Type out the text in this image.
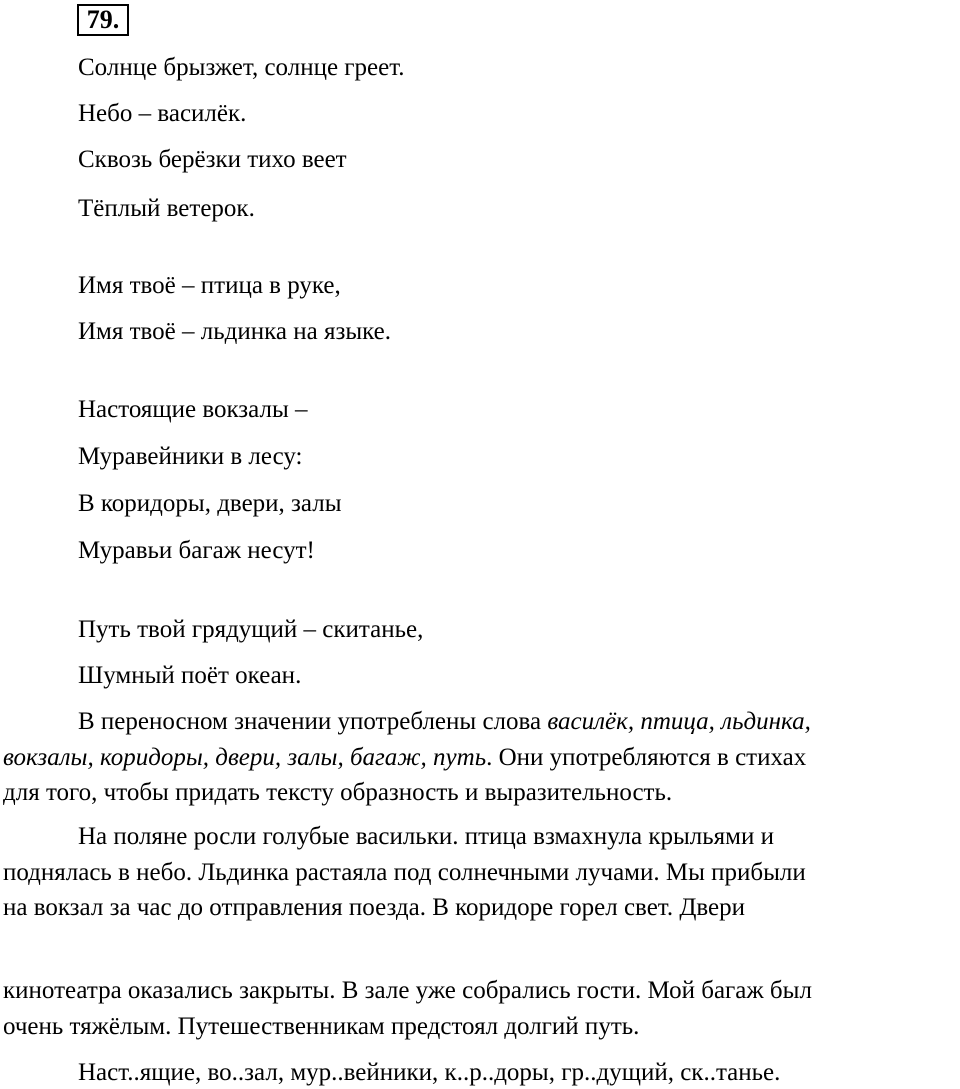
79.
Солнце брызжет, солнце греет.
Небо – василёк.
Сквозь берёзки тихо веет
Тёплый ветерок.
Имя твоё – птица в руке,
Имя твоё – льдинка на языке.
Настоящие вокзалы –
Муравейники в лесу:
В коридоры, двери, залы
Муравьи багаж несут!
Путь твой грядущий – скитанье,
Шумный поёт океан.
В переносном значении употреблены слова василёк, птица, льдинка,
вокзалы, коридоры, двери, залы, багаж, путь. Они употребляются в стихах
для того, чтобы придать тексту образность и выразительность.
На поляне росли голубые васильки. птица взмахнула крыльями и
поднялась в небо. Льдинка растаяла под солнечными лучами. Мы прибыли
на вокзал за час до отправления поезда. В коридоре горел свет. Двери
кинотеатра оказались закрыты. В зале уже собрались гости. Мой багаж был
очень тяжёлым. Путешественникам предстоял долгий путь.
Наст..ящие, во..зал, мур..вейники, к..р..доры, гр..дущий, ск..танье.
